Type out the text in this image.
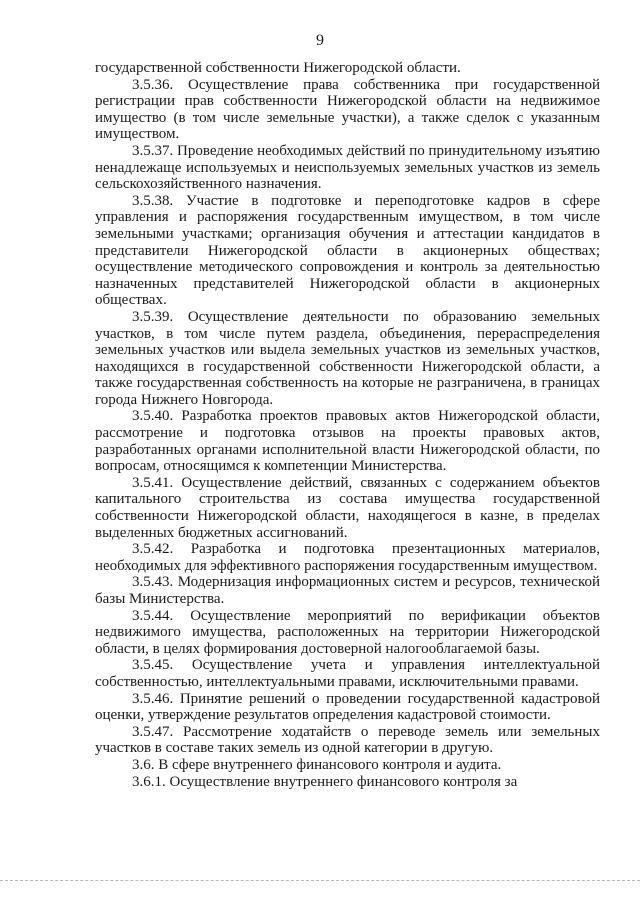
9

государственной собственности Нижегородской области.

3.5.36. Осуществление права собственника при государственной регистрации прав собственности Нижегородской области на недвижимое имущество (в том числе земельные участки), а также сделок с указанным имуществом.

3.5.37. Проведение необходимых действий по принудительному изъятию ненадлежаще используемых и неиспользуемых земельных участков из земель сельскохозяйственного назначения.

3.5.38. Участие в подготовке и переподготовке кадров в сфере управления и распоряжения государственным имуществом, в том числе земельными участками; организация обучения и аттестации кандидатов в представители Нижегородской области в акционерных обществах; осуществление методического сопровождения и контроль за деятельностью назначенных представителей Нижегородской области в акционерных обществах.

3.5.39. Осуществление деятельности по образованию земельных участков, в том числе путем раздела, объединения, перераспределения земельных участков или выдела земельных участков из земельных участков, находящихся в государственной собственности Нижегородской области, а также государственная собственность на которые не разграничена, в границах города Нижнего Новгорода.

3.5.40. Разработка проектов правовых актов Нижегородской области, рассмотрение и подготовка отзывов на проекты правовых актов, разработанных органами исполнительной власти Нижегородской области, по вопросам, относящимся к компетенции Министерства.

3.5.41. Осуществление действий, связанных с содержанием объектов капитального строительства из состава имущества государственной собственности Нижегородской области, находящегося в казне, в пределах выделенных бюджетных ассигнований.

3.5.42. Разработка и подготовка презентационных материалов, необходимых для эффективного распоряжения государственным имуществом.

3.5.43. Модернизация информационных систем и ресурсов, технической базы Министерства.

3.5.44. Осуществление мероприятий по верификации объектов недвижимого имущества, расположенных на территории Нижегородской области, в целях формирования достоверной налогооблагаемой базы.

3.5.45. Осуществление учета и управления интеллектуальной собственностью, интеллектуальными правами, исключительными правами.

3.5.46. Принятие решений о проведении государственной кадастровой оценки, утверждение результатов определения кадастровой стоимости.

3.5.47. Рассмотрение ходатайств о переводе земель или земельных участков в составе таких земель из одной категории в другую.

3.6. В сфере внутреннего финансового контроля и аудита.

3.6.1. Осуществление внутреннего финансового контроля за
